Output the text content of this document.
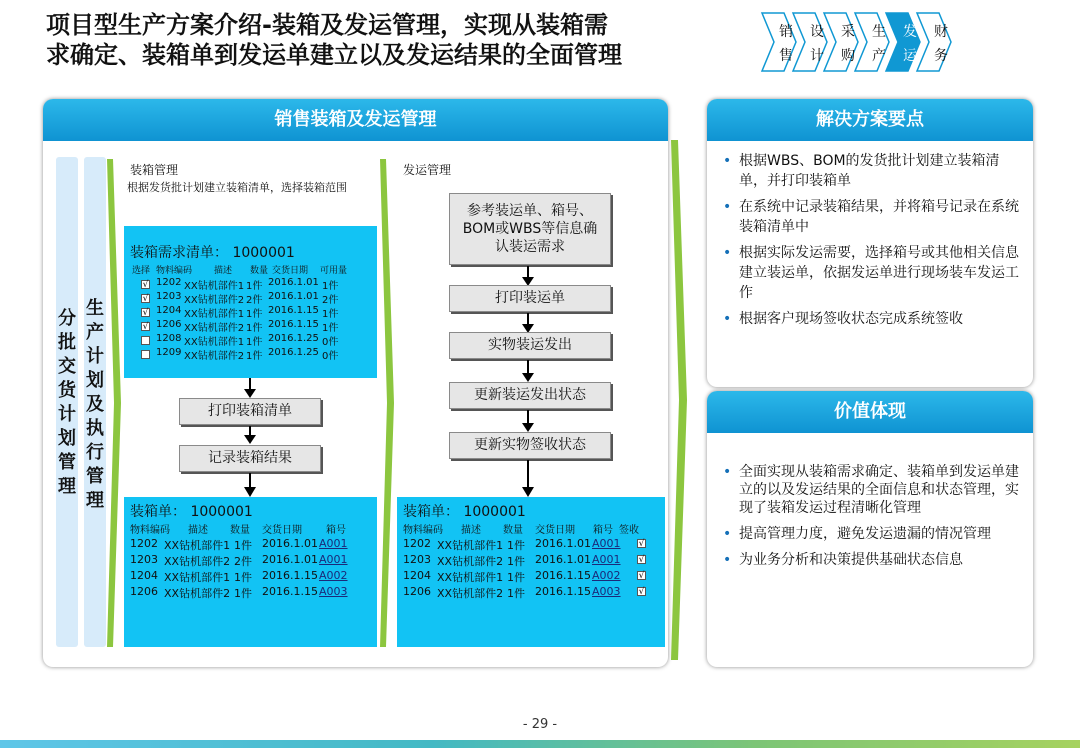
项目型生产方案介绍-装箱及发运管理，实现从装箱需
求确定、装箱单到发运单建立以及发运结果的全面管理
销
售
设
计
采
购
生
产
发
运
财
务
销售装箱及发运管理
分
批
交
货
计
划
管
理
生
产
计
划
及
执
行
管
理
装箱管理
根据发货批计划建立装箱清单，选择装箱范围
装箱需求清单： 1000001
选择 物料编码 描述 数量 交货日期 可用量
√ 1202 XX钻机部件1 1件 2016.1.01 1件
√ 1203 XX钻机部件2 2件 2016.1.01 2件
√ 1204 XX钻机部件1 1件 2016.1.15 1件
√ 1206 XX钻机部件2 1件 2016.1.15 1件
1208 XX钻机部件1 1件 2016.1.25 0件
1209 XX钻机部件2 1件 2016.1.25 0件
打印装箱清单
记录装箱结果
装箱单： 1000001
物料编码 描述 数量 交货日期 箱号
1202 XX钻机部件1 1件 2016.1.01 A001
1203 XX钻机部件2 2件 2016.1.01 A001
1204 XX钻机部件1 1件 2016.1.15 A002
1206 XX钻机部件2 1件 2016.1.15 A003
发运管理
参考装运单、箱号、BOM或WBS等信息确认装运需求
打印装运单
实物装运发出
更新装运发出状态
更新实物签收状态
装箱单： 1000001
物料编码 描述 数量 交货日期 箱号 签收
1202 XX钻机部件1 1件 2016.1.01 A001 √
1203 XX钻机部件2 1件 2016.1.01 A001 √
1204 XX钻机部件1 1件 2016.1.15 A002 √
1206 XX钻机部件2 1件 2016.1.15 A003 √
解决方案要点
• 根据WBS、BOM的发货批计划建立装箱清单，并打印装箱单
• 在系统中记录装箱结果，并将箱号记录在系统装箱清单中
• 根据实际发运需要，选择箱号或其他相关信息建立装运单，依据发运单进行现场装车发运工作
• 根据客户现场签收状态完成系统签收
价值体现
• 全面实现从装箱需求确定、装箱单到发运单建立的以及发运结果的全面信息和状态管理，实现了装箱发运过程清晰化管理
• 提高管理力度，避免发运遗漏的情况管理
• 为业务分析和决策提供基础状态信息
- 29 -
